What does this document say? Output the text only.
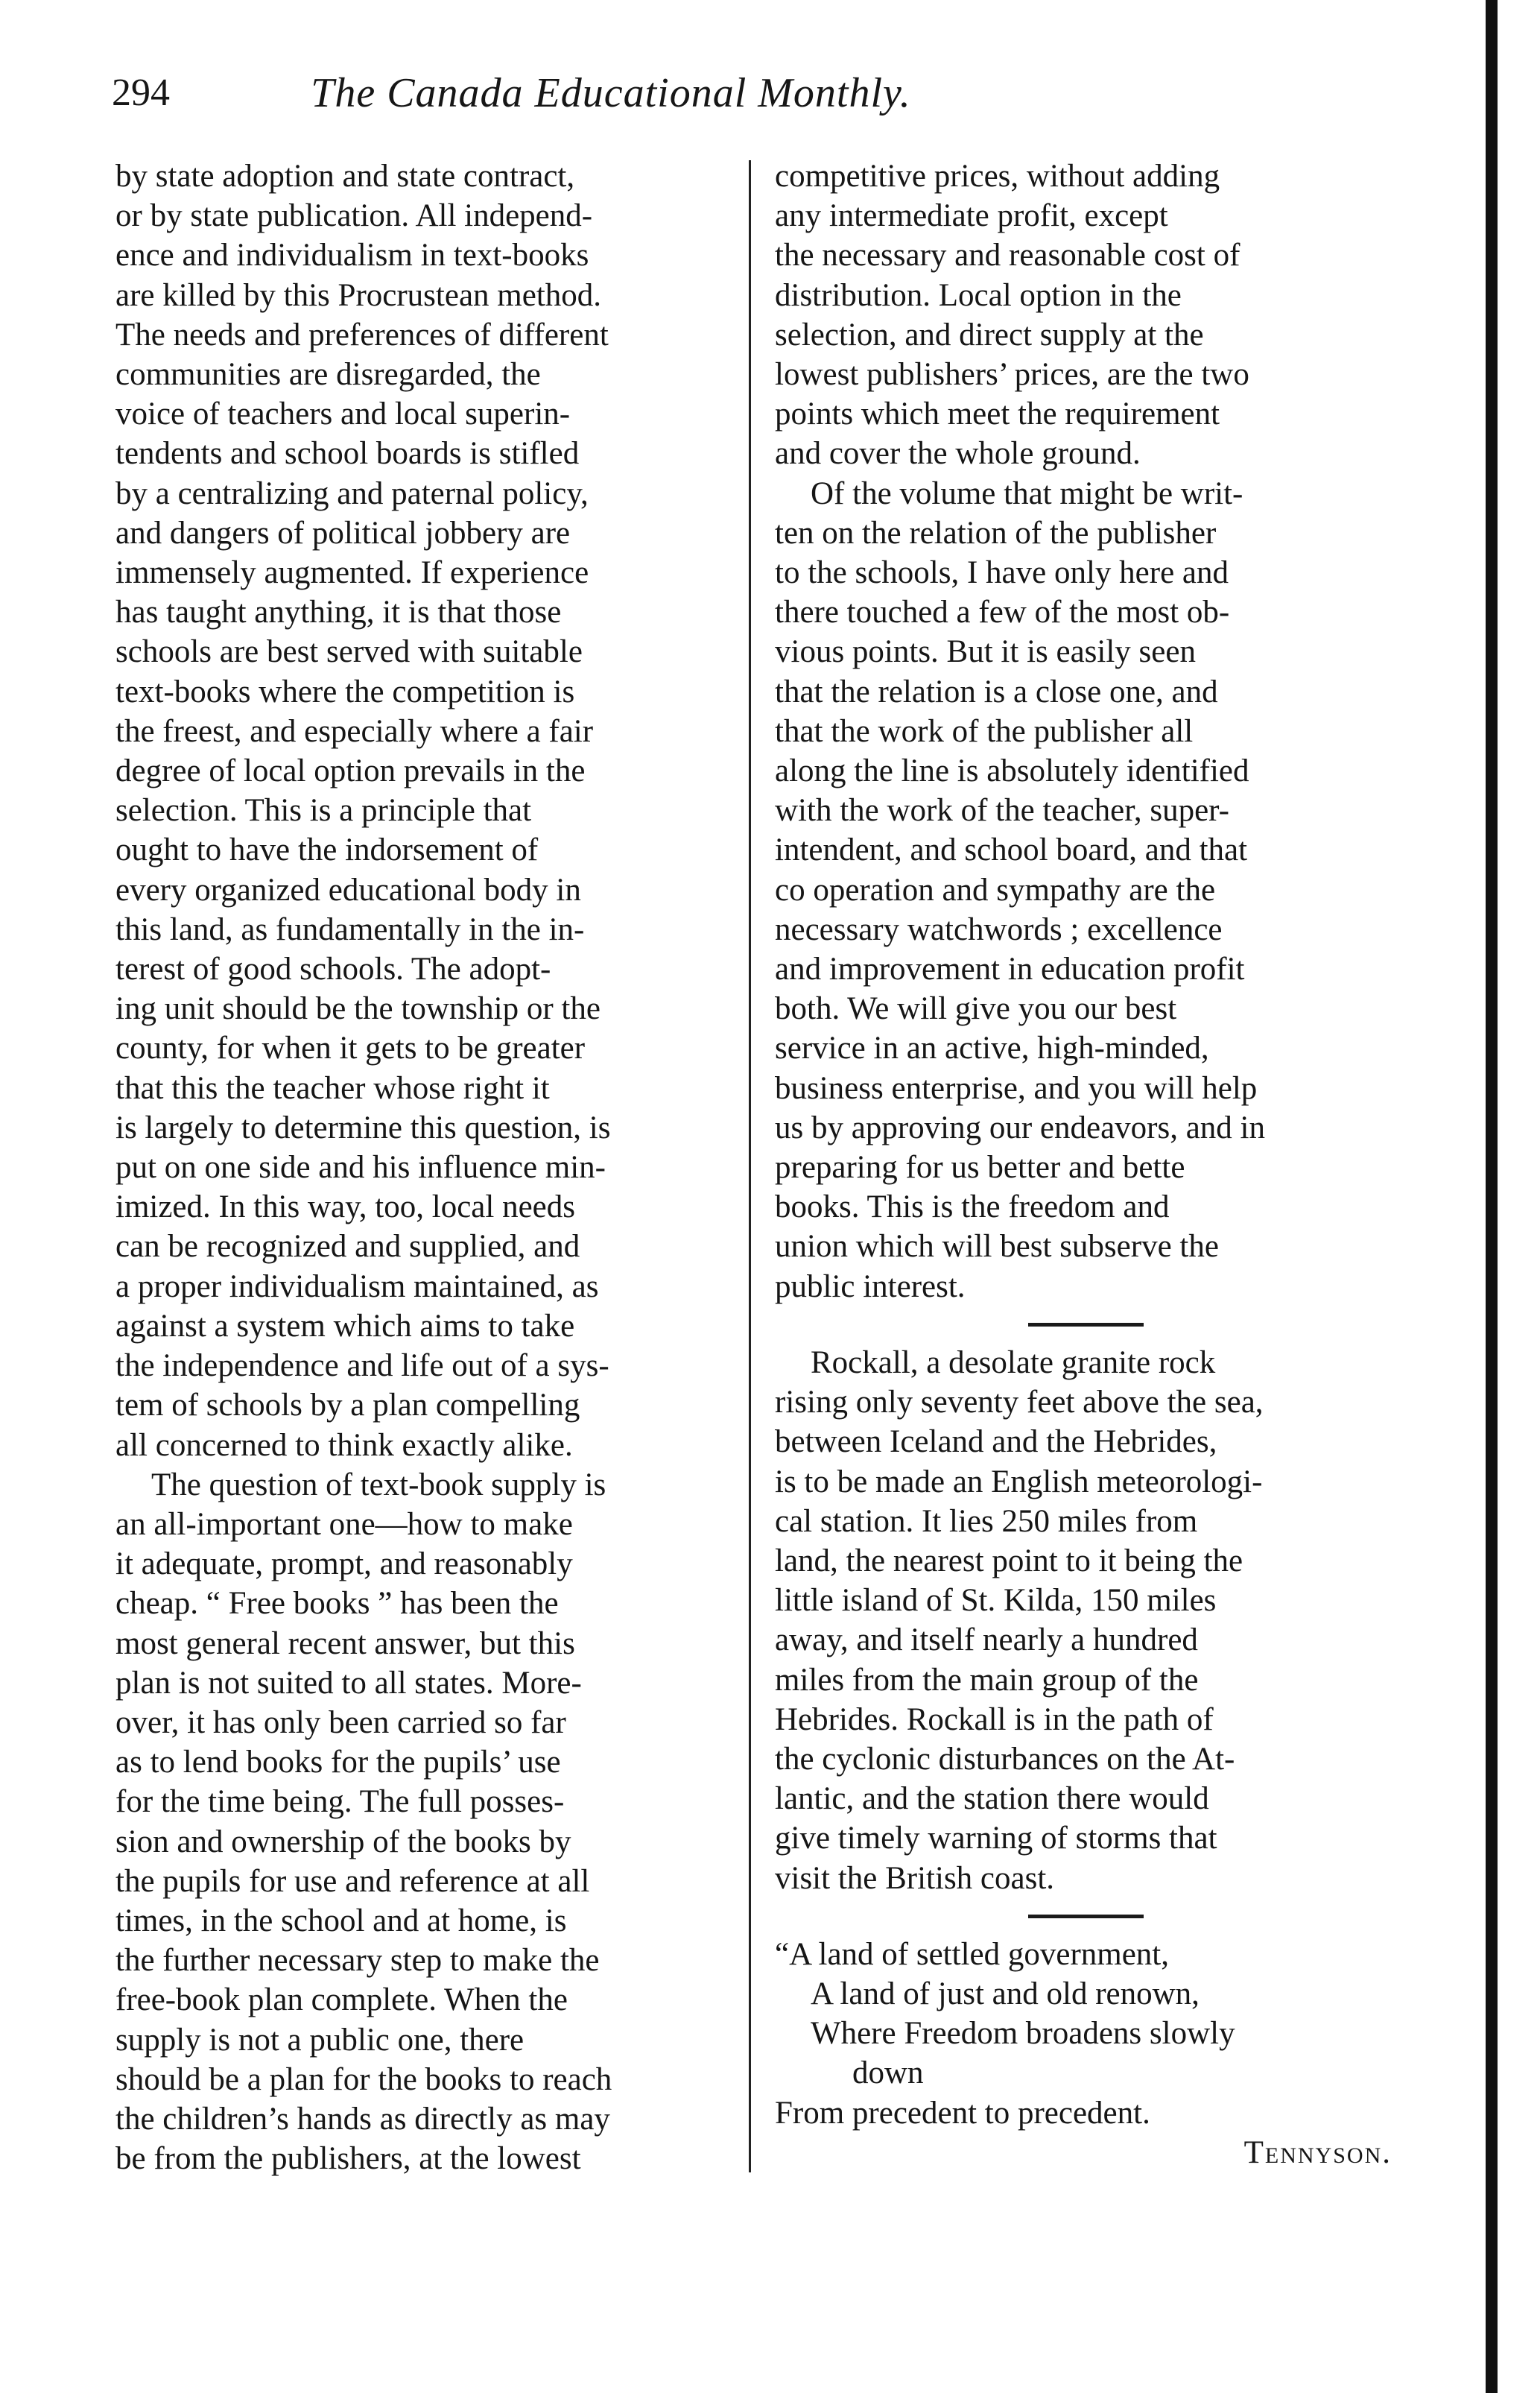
294	The Canada Educational Monthly.

by state adoption and state contract,
or by state publication. All independ-
ence and individualism in text-books
are killed by this Procrustean method.
The needs and preferences of different
communities are disregarded, the
voice of teachers and local superin-
tendents and school boards is stifled
by a centralizing and paternal policy,
and dangers of political jobbery are
immensely augmented. If experience
has taught anything, it is that those
schools are best served with suitable
text-books where the competition is
the freest, and especially where a fair
degree of local option prevails in the
selection. This is a principle that
ought to have the indorsement of
every organized educational body in
this land, as fundamentally in the in-
terest of good schools. The adopt-
ing unit should be the township or the
county, for when it gets to be greater
that this the teacher whose right it
is largely to determine this question, is
put on one side and his influence min-
imized. In this way, too, local needs
can be recognized and supplied, and
a proper individualism maintained, as
against a system which aims to take
the independence and life out of a sys-
tem of schools by a plan compelling
all concerned to think exactly alike.

The question of text-book supply is
an all-important one—how to make
it adequate, prompt, and reasonably
cheap. “ Free books ” has been the
most general recent answer, but this
plan is not suited to all states. More-
over, it has only been carried so far
as to lend books for the pupils’ use
for the time being. The full posses-
sion and ownership of the books by
the pupils for use and reference at all
times, in the school and at home, is
the further necessary step to make the
free-book plan complete. When the
supply is not a public one, there
should be a plan for the books to reach
the children’s hands as directly as may
be from the publishers, at the lowest

competitive prices, without adding
any intermediate profit, except
the necessary and reasonable cost of
distribution. Local option in the
selection, and direct supply at the
lowest publishers’ prices, are the two
points which meet the requirement
and cover the whole ground.

Of the volume that might be writ-
ten on the relation of the publisher
to the schools, I have only here and
there touched a few of the most ob-
vious points. But it is easily seen
that the relation is a close one, and
that the work of the publisher all
along the line is absolutely identified
with the work of the teacher, super-
intendent, and school board, and that
co operation and sympathy are the
necessary watchwords ; excellence
and improvement in education profit
both. We will give you our best
service in an active, high-minded,
business enterprise, and you will help
us by approving our endeavors, and in
preparing for us better and bette
books. This is the freedom and
union which will best subserve the
public interest.

Rockall, a desolate granite rock
rising only seventy feet above the sea,
between Iceland and the Hebrides,
is to be made an English meteorologi-
cal station. It lies 250 miles from
land, the nearest point to it being the
little island of St. Kilda, 150 miles
away, and itself nearly a hundred
miles from the main group of the
Hebrides. Rockall is in the path of
the cyclonic disturbances on the At-
lantic, and the station there would
give timely warning of storms that
visit the British coast.

“A land of settled government,
A land of just and old renown,
Where Freedom broadens slowly
down
From precedent to precedent.
Tennyson.
